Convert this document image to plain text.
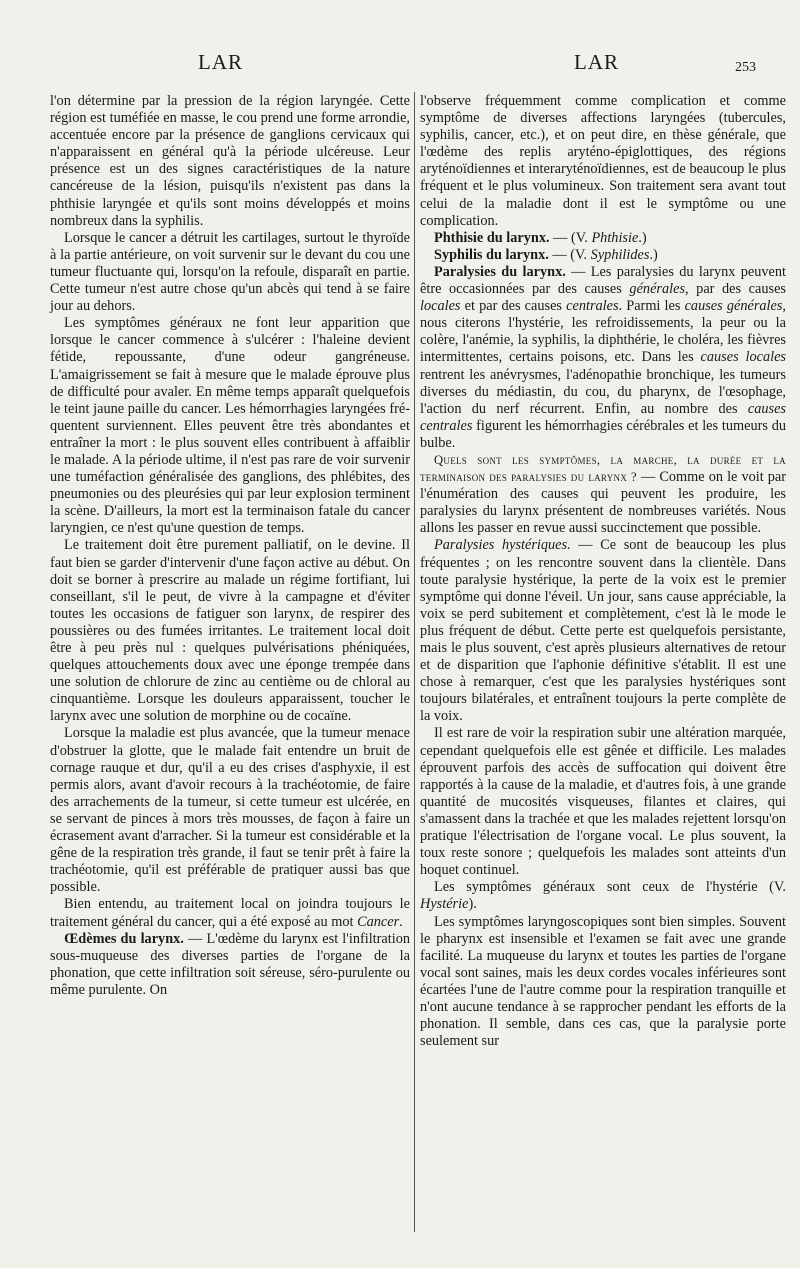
LAR	LAR	253

l'on détermine par la pression de la région laryngée. Cette région est tuméfiée en masse, le cou prend une forme arrondie, accentuée encore par la présence de ganglions cervicaux qui n'apparaissent en général qu'à la période ulcéreuse. Leur présence est un des signes caractéristiques de la nature cancéreuse de la lésion, puisqu'ils n'existent pas dans la phthisie laryngée et qu'ils sont moins développés et moins nombreux dans la syphilis.

Lorsque le cancer a détruit les cartilages, surtout le thyroïde à la partie antérieure, on voit survenir sur le devant du cou une tumeur fluctuante qui, lorsqu'on la refoule, disparaît en partie. Cette tumeur n'est autre chose qu'un abcès qui tend à se faire jour au dehors.

Les symptômes généraux ne font leur apparition que lorsque le cancer commence à s'ulcérer : l'haleine devient fétide, repoussante, d'une odeur gangréneuse. L'amaigrissement se fait à mesure que le malade éprouve plus de difficulté pour avaler. En même temps apparaît quelquefois le teint jaune paille du cancer. Les hémorrhagies laryngées fréquentent surviennent. Elles peuvent être très abondantes et entraîner la mort : le plus souvent elles contribuent à affaiblir le malade. A la période ultime, il n'est pas rare de voir survenir une tuméfaction généralisée des ganglions, des phlébites, des pneumonies ou des pleurésies qui par leur explosion terminent la scène. D'ailleurs, la mort est la terminaison fatale du cancer laryngien, ce n'est qu'une question de temps.

Le traitement doit être purement palliatif, on le devine. Il faut bien se garder d'intervenir d'une façon active au début. On doit se borner à prescrire au malade un régime fortifiant, lui conseillant, s'il le peut, de vivre à la campagne et d'éviter toutes les occasions de fatiguer son larynx, de respirer des poussières ou des fumées irritantes. Le traitement local doit être à peu près nul : quelques pulvérisations phéniquées, quelques attouchements doux avec une éponge trempée dans une solution de chlorure de zinc au centième ou de chloral au cinquantième. Lorsque les douleurs apparaissent, toucher le larynx avec une solution de morphine ou de cocaïne.

Lorsque la maladie est plus avancée, que la tumeur menace d'obstruer la glotte, que le malade fait entendre un bruit de cornage rauque et dur, qu'il a eu des crises d'asphyxie, il est permis alors, avant d'avoir recours à la trachéotomie, de faire des arrachements de la tumeur, si cette tumeur est ulcérée, en se servant de pinces à mors très mousses, de façon à faire un écrasement avant d'arracher. Si la tumeur est considérable et la gêne de la respiration très grande, il faut se tenir prêt à faire la trachéotomie, qu'il est préférable de pratiquer aussi bas que possible.

Bien entendu, au traitement local on joindra toujours le traitement général du cancer, qui a été exposé au mot Cancer.

Œdèmes du larynx. — L'œdème du larynx est l'infiltration sous-muqueuse des diverses parties de l'organe de la phonation, que cette infiltration soit séreuse, séro-purulente ou même purulente. On

l'observe fréquemment comme complication et comme symptôme de diverses affections laryngées (tubercules, syphilis, cancer, etc.), et on peut dire, en thèse générale, que l'œdème des replis aryténo-épiglottiques, des régions aryténoïdiennes et interaryténoïdiennes, est de beaucoup le plus fréquent et le plus volumineux. Son traitement sera avant tout celui de la maladie dont il est le symptôme ou une complication.

Phthisie du larynx. — (V. Phthisie.)

Syphilis du larynx. — (V. Syphilides.)

Paralysies du larynx. — Les paralysies du larynx peuvent être occasionnées par des causes générales, par des causes locales et par des causes centrales. Parmi les causes générales, nous citerons l'hystérie, les refroidissements, la peur ou la colère, l'anémie, la syphilis, la diphthérie, le choléra, les fièvres intermittentes, certains poisons, etc. Dans les causes locales rentrent les anévrysmes, l'adénopathie bronchique, les tumeurs diverses du médiastin, du cou, du pharynx, de l'œsophage, l'action du nerf récurrent. Enfin, au nombre des causes centrales figurent les hémorrhagies cérébrales et les tumeurs du bulbe.

Quels sont les symptômes, la marche, la durée et la terminaison des paralysies du larynx ? — Comme on le voit par l'énumération des causes qui peuvent les produire, les paralysies du larynx présentent de nombreuses variétés. Nous allons les passer en revue aussi succinctement que possible.

Paralysies hystériques. — Ce sont de beaucoup les plus fréquentes ; on les rencontre souvent dans la clientèle. Dans toute paralysie hystérique, la perte de la voix est le premier symptôme qui donne l'éveil. Un jour, sans cause appréciable, la voix se perd subitement et complètement, c'est là le mode le plus fréquent de début. Cette perte est quelquefois persistante, mais le plus souvent, c'est après plusieurs alternatives de retour et de disparition que l'aphonie définitive s'établit. Il est une chose à remarquer, c'est que les paralysies hystériques sont toujours bilatérales, et entraînent toujours la perte complète de la voix.

Il est rare de voir la respiration subir une altération marquée, cependant quelquefois elle est gênée et difficile. Les malades éprouvent parfois des accès de suffocation qui doivent être rapportés à la cause de la maladie, et d'autres fois, à une grande quantité de mucosités visqueuses, filantes et claires, qui s'amassent dans la trachée et que les malades rejettent lorsqu'on pratique l'électrisation de l'organe vocal. Le plus souvent, la toux reste sonore ; quelquefois les malades sont atteints d'un hoquet continuel.

Les symptômes généraux sont ceux de l'hystérie (V. Hystérie).

Les symptômes laryngoscopiques sont bien simples. Souvent le pharynx est insensible et l'examen se fait avec une grande facilité. La muqueuse du larynx et toutes les parties de l'organe vocal sont saines, mais les deux cordes vocales inférieures sont écartées l'une de l'autre comme pour la respiration tranquille et n'ont aucune tendance à se rapprocher pendant les efforts de la phonation. Il semble, dans ces cas, que la paralysie porte seulement sur
